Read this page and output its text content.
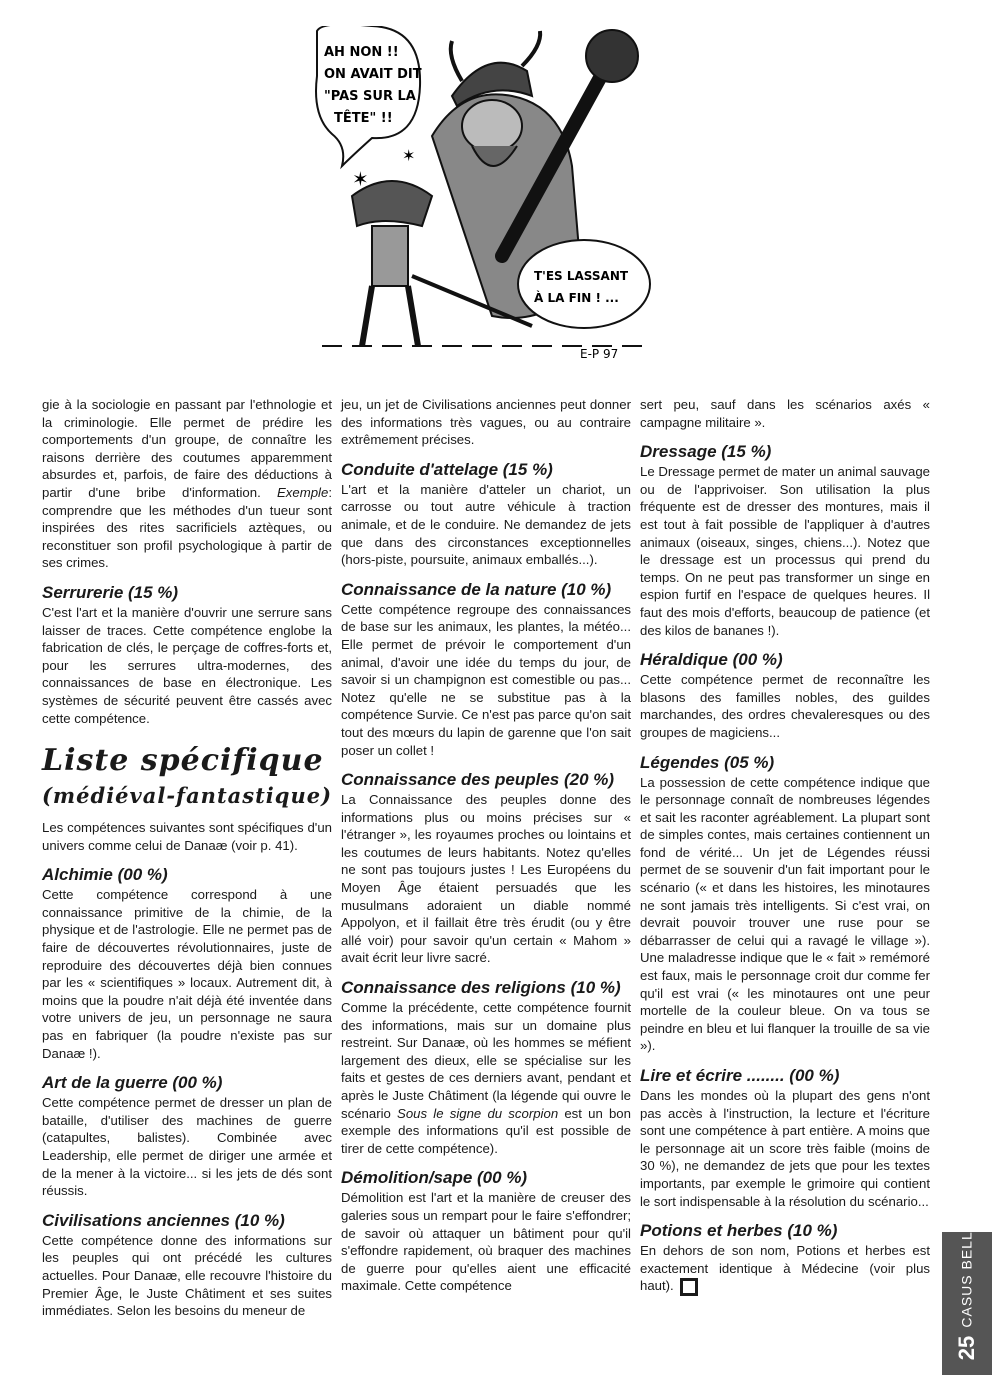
✶
✶
AH NON !!
ON AVAIT DIT
"PAS SUR LA
TÊTE" !!
T'ES LASSANT
À LA FIN ! ...
E-P 97

gie à la sociologie en passant par l'ethnologie et la criminologie. Elle permet de prédire les comportements d'un groupe, de connaître les raisons derrière des coutumes apparemment absurdes et, parfois, de faire des déductions à partir d'une bribe d'information. Exemple: comprendre que les méthodes d'un tueur sont inspirées des rites sacrificiels aztèques, ou reconstituer son profil psychologique à partir de ses crimes.

Serrurerie (15 %)

C'est l'art et la manière d'ouvrir une serrure sans laisser de traces. Cette compétence englobe la fabrication de clés, le perçage de coffres-forts et, pour les serrures ultra-modernes, des connaissances de base en électronique. Les systèmes de sécurité peuvent être cassés avec cette compétence.

Liste spécifique
(médiéval-fantastique)

Les compétences suivantes sont spécifiques d'un univers comme celui de Danaæ (voir p. 41).

Alchimie (00 %)

Cette compétence correspond à une connaissance primitive de la chimie, de la physique et de l'astrologie. Elle ne permet pas de faire de découvertes révolutionnaires, juste de reproduire des découvertes déjà bien connues par les « scientifiques » locaux. Autrement dit, à moins que la poudre n'ait déjà été inventée dans votre univers de jeu, un personnage ne saura pas en fabriquer (la poudre n'existe pas sur Danaæ !).

Art de la guerre (00 %)

Cette compétence permet de dresser un plan de bataille, d'utiliser des machines de guerre (catapultes, balistes). Combinée avec Leadership, elle permet de diriger une armée et de la mener à la victoire... si les jets de dés sont réussis.

Civilisations anciennes (10 %)

Cette compétence donne des informations sur les peuples qui ont précédé les cultures actuelles. Pour Danaæ, elle recouvre l'histoire du Premier Âge, le Juste Châtiment et ses suites immédiates. Selon les besoins du meneur de

jeu, un jet de Civilisations anciennes peut donner des informations très vagues, ou au contraire extrêmement précises.

Conduite d'attelage (15 %)

L'art et la manière d'atteler un chariot, un carrosse ou tout autre véhicule à traction animale, et de le conduire. Ne demandez de jets que dans des circonstances exceptionnelles (hors-piste, poursuite, animaux emballés...).

Connaissance de la nature (10 %)

Cette compétence regroupe des connaissances de base sur les animaux, les plantes, la météo... Elle permet de prévoir le comportement d'un animal, d'avoir une idée du temps du jour, de savoir si un champignon est comestible ou pas... Notez qu'elle ne se substitue pas à la compétence Survie. Ce n'est pas parce qu'on sait tout des mœurs du lapin de garenne que l'on sait poser un collet !

Connaissance des peuples (20 %)

La Connaissance des peuples donne des informations plus ou moins précises sur « l'étranger », les royaumes proches ou lointains et les coutumes de leurs habitants. Notez qu'elles ne sont pas toujours justes ! Les Européens du Moyen Âge étaient persuadés que les musulmans adoraient un diable nommé Appolyon, et il faillait être très érudit (ou y être allé voir) pour savoir qu'un certain « Mahom » avait écrit leur livre sacré.

Connaissance des religions (10 %)

Comme la précédente, cette compétence fournit des informations, mais sur un domaine plus restreint. Sur Danaæ, où les hommes se méfient largement des dieux, elle se spécialise sur les faits et gestes de ces derniers avant, pendant et après le Juste Châtiment (la légende qui ouvre le scénario Sous le signe du scorpion est un bon exemple des informations qu'il est possible de tirer de cette compétence).

Démolition/sape (00 %)

Démolition est l'art et la manière de creuser des galeries sous un rempart pour le faire s'effondrer; de savoir où attaquer un bâtiment pour qu'il s'effondre rapidement, où braquer des machines de guerre pour qu'elles aient une efficacité maximale. Cette compétence

sert peu, sauf dans les scénarios axés « campagne militaire ».

Dressage (15 %)

Le Dressage permet de mater un animal sauvage ou de l'apprivoiser. Son utilisation la plus fréquente est de dresser des montures, mais il est tout à fait possible de l'appliquer à d'autres animaux (oiseaux, singes, chiens...). Notez que le dressage est un processus qui prend du temps. On ne peut pas transformer un singe en espion furtif en l'espace de quelques heures. Il faut des mois d'efforts, beaucoup de patience (et des kilos de bananes !).

Héraldique (00 %)

Cette compétence permet de reconnaître les blasons des familles nobles, des guildes marchandes, des ordres chevaleresques ou des groupes de magiciens...

Légendes (05 %)

La possession de cette compétence indique que le personnage connaît de nombreuses légendes et sait les raconter agréablement. La plupart sont de simples contes, mais certaines contiennent un fond de vérité... Un jet de Légendes réussi permet de se souvenir d'un fait important pour le scénario (« et dans les histoires, les minotaures ne sont jamais très intelligents. Si c'est vrai, on devrait pouvoir trouver une ruse pour se débarrasser de celui qui a ravagé le village »). Une maladresse indique que le « fait » remémoré est faux, mais le personnage croit dur comme fer qu'il est vrai (« les minotaures ont une peur mortelle de la couleur bleue. On va tous se peindre en bleu et lui flanquer la trouille de sa vie »).

Lire et écrire ........ (00 %)

Dans les mondes où la plupart des gens n'ont pas accès à l'instruction, la lecture et l'écriture sont une compétence à part entière. A moins que le personnage ait un score très faible (moins de 30 %), ne demandez de jets que pour les textes importants, par exemple le grimoire qui contient le sort indispensable à la résolution du scénario...

Potions et herbes (10 %)

En dehors de son nom, Potions et herbes est exactement identique à Médecine (voir plus haut).	CASUS BELLI
25
